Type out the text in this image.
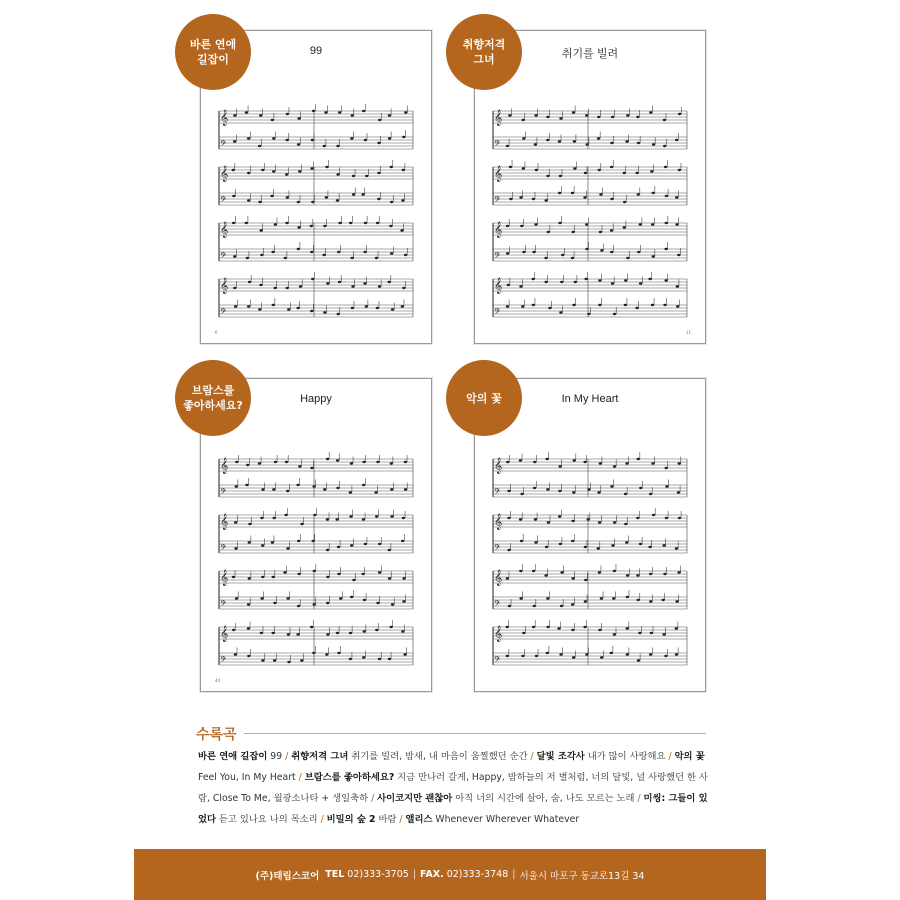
99
𝄞
𝄢
𝄞
𝄢
𝄞
𝄢
𝄞
𝄢
6
바른 연애
길잡이	취기를 빌려
𝄞
𝄢
𝄞
𝄢
𝄞
𝄢
𝄞
𝄢
11
취향저격
그녀
Happy
𝄞
𝄢
𝄞
𝄢
𝄞
𝄢
𝄞
𝄢
44
브람스를
좋아하세요?	In My Heart
𝄞
𝄢
𝄞
𝄢
𝄞
𝄢
𝄞
𝄢
악의 꽃
수록곡
바른 연애 길잡이 99 / 취향저격 그녀 취기를 빌려, 밤새, 내 마음이 움찔했던 순간 / 달빛 조각사 내가 많이 사랑해요 / 악의 꽃 Feel You, In My Heart / 브람스를 좋아하세요? 지금 만나러 갈게, Happy, 밤하늘의 저 별처럼, 너의 달빛, 널 사랑했던 한 사람, Close To Me, 월광소나타 + 생일축하 / 사이코지만 괜찮아 아직 너의 시간에 살아, 숨, 나도 모르는 노래 / 미씽: 그들이 있었다 듣고 있나요 나의 목소리 / 비밀의 숲 2 바람 / 앨리스 Whenever Wherever Whatever
(주)태림스코어 TEL 02)333-3705 | FAX. 02)333-3748 | 서울시 마포구 동교로13길 34
